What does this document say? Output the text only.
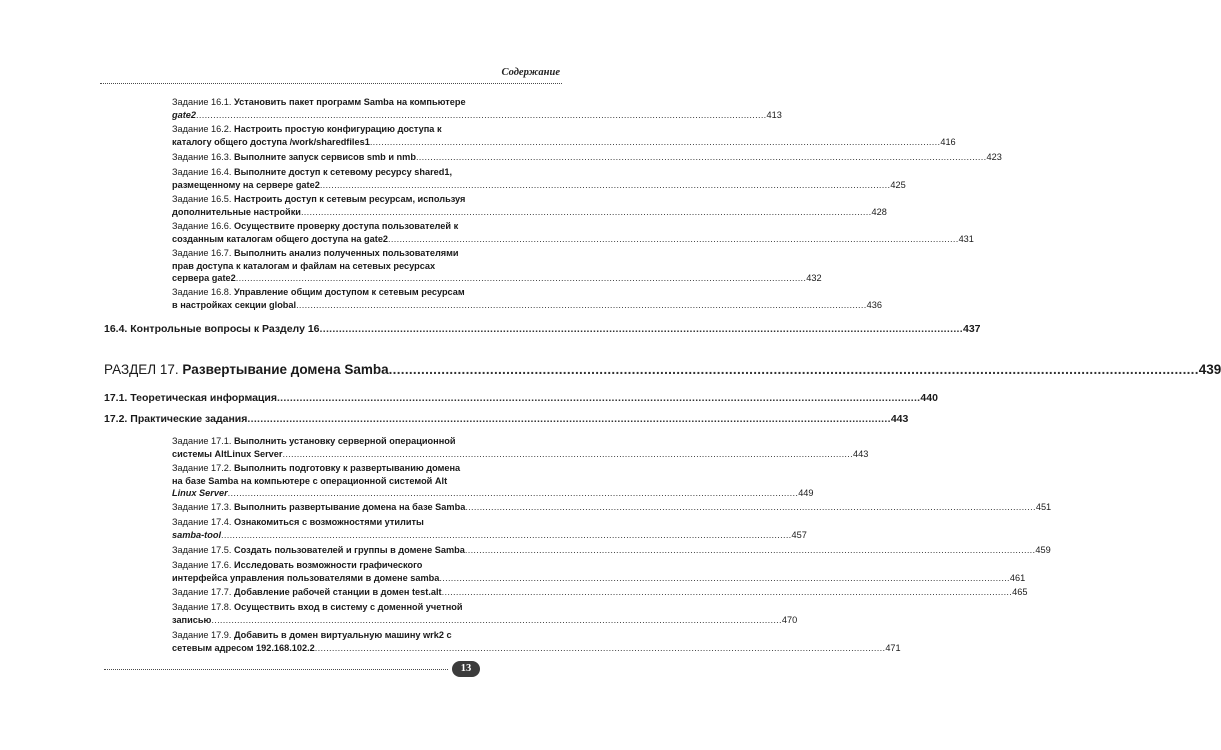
Содержание
Задание 16.1. Установить пакет программ Samba на компьютере
gate2 .....	413
Задание 16.2. Настроить простую конфигурацию доступа к
каталогу общего доступа /work/sharedfiles1 .....	416
Задание 16.3. Выполните запуск сервисов smb и nmb .....	423
Задание 16.4. Выполните доступ к сетевому ресурсу shared1,
размещенному на сервере gate2 .....	425
Задание 16.5. Настроить доступ к сетевым ресурсам, используя
дополнительные настройки .....	428
Задание 16.6. Осуществите проверку доступа пользователей к
созданным каталогам общего доступа на gate2 .....	431
Задание 16.7. Выполнить анализ полученных пользователями
прав доступа к каталогам и файлам на сетевых ресурсах
сервера gate2 .....	432
Задание 16.8. Управление общим доступом к сетевым ресурсам
в настройках секции global .....	436
16.4. Контрольные вопросы к Разделу 16 .....	437
РАЗДЕЛ 17. Развертывание домена Samba .....	439
17.1. Теоретическая информация .....	440
17.2. Практические задания .....	443
Задание 17.1. Выполнить установку серверной операционной
системы AltLinux Server .....	443
Задание 17.2. Выполнить подготовку к развертыванию домена
на базе Samba на компьютере с операционной системой Alt
Linux Server .....	449
Задание 17.3. Выполнить развертывание домена на базе Samba .....	451
Задание 17.4. Ознакомиться с возможностями утилиты
samba-tool .....	457
Задание 17.5. Создать пользователей и группы в домене Samba .....	459
Задание 17.6. Исследовать возможности графического
интерфейса управления пользователями в домене samba .....	461
Задание 17.7. Добавление рабочей станции в домен test.alt .....	465
Задание 17.8. Осуществить вход в систему с доменной учетной
записью .....	470
Задание 17.9. Добавить в домен виртуальную машину wrk2 с
сетевым адресом 192.168.102.2 .....	471
13
